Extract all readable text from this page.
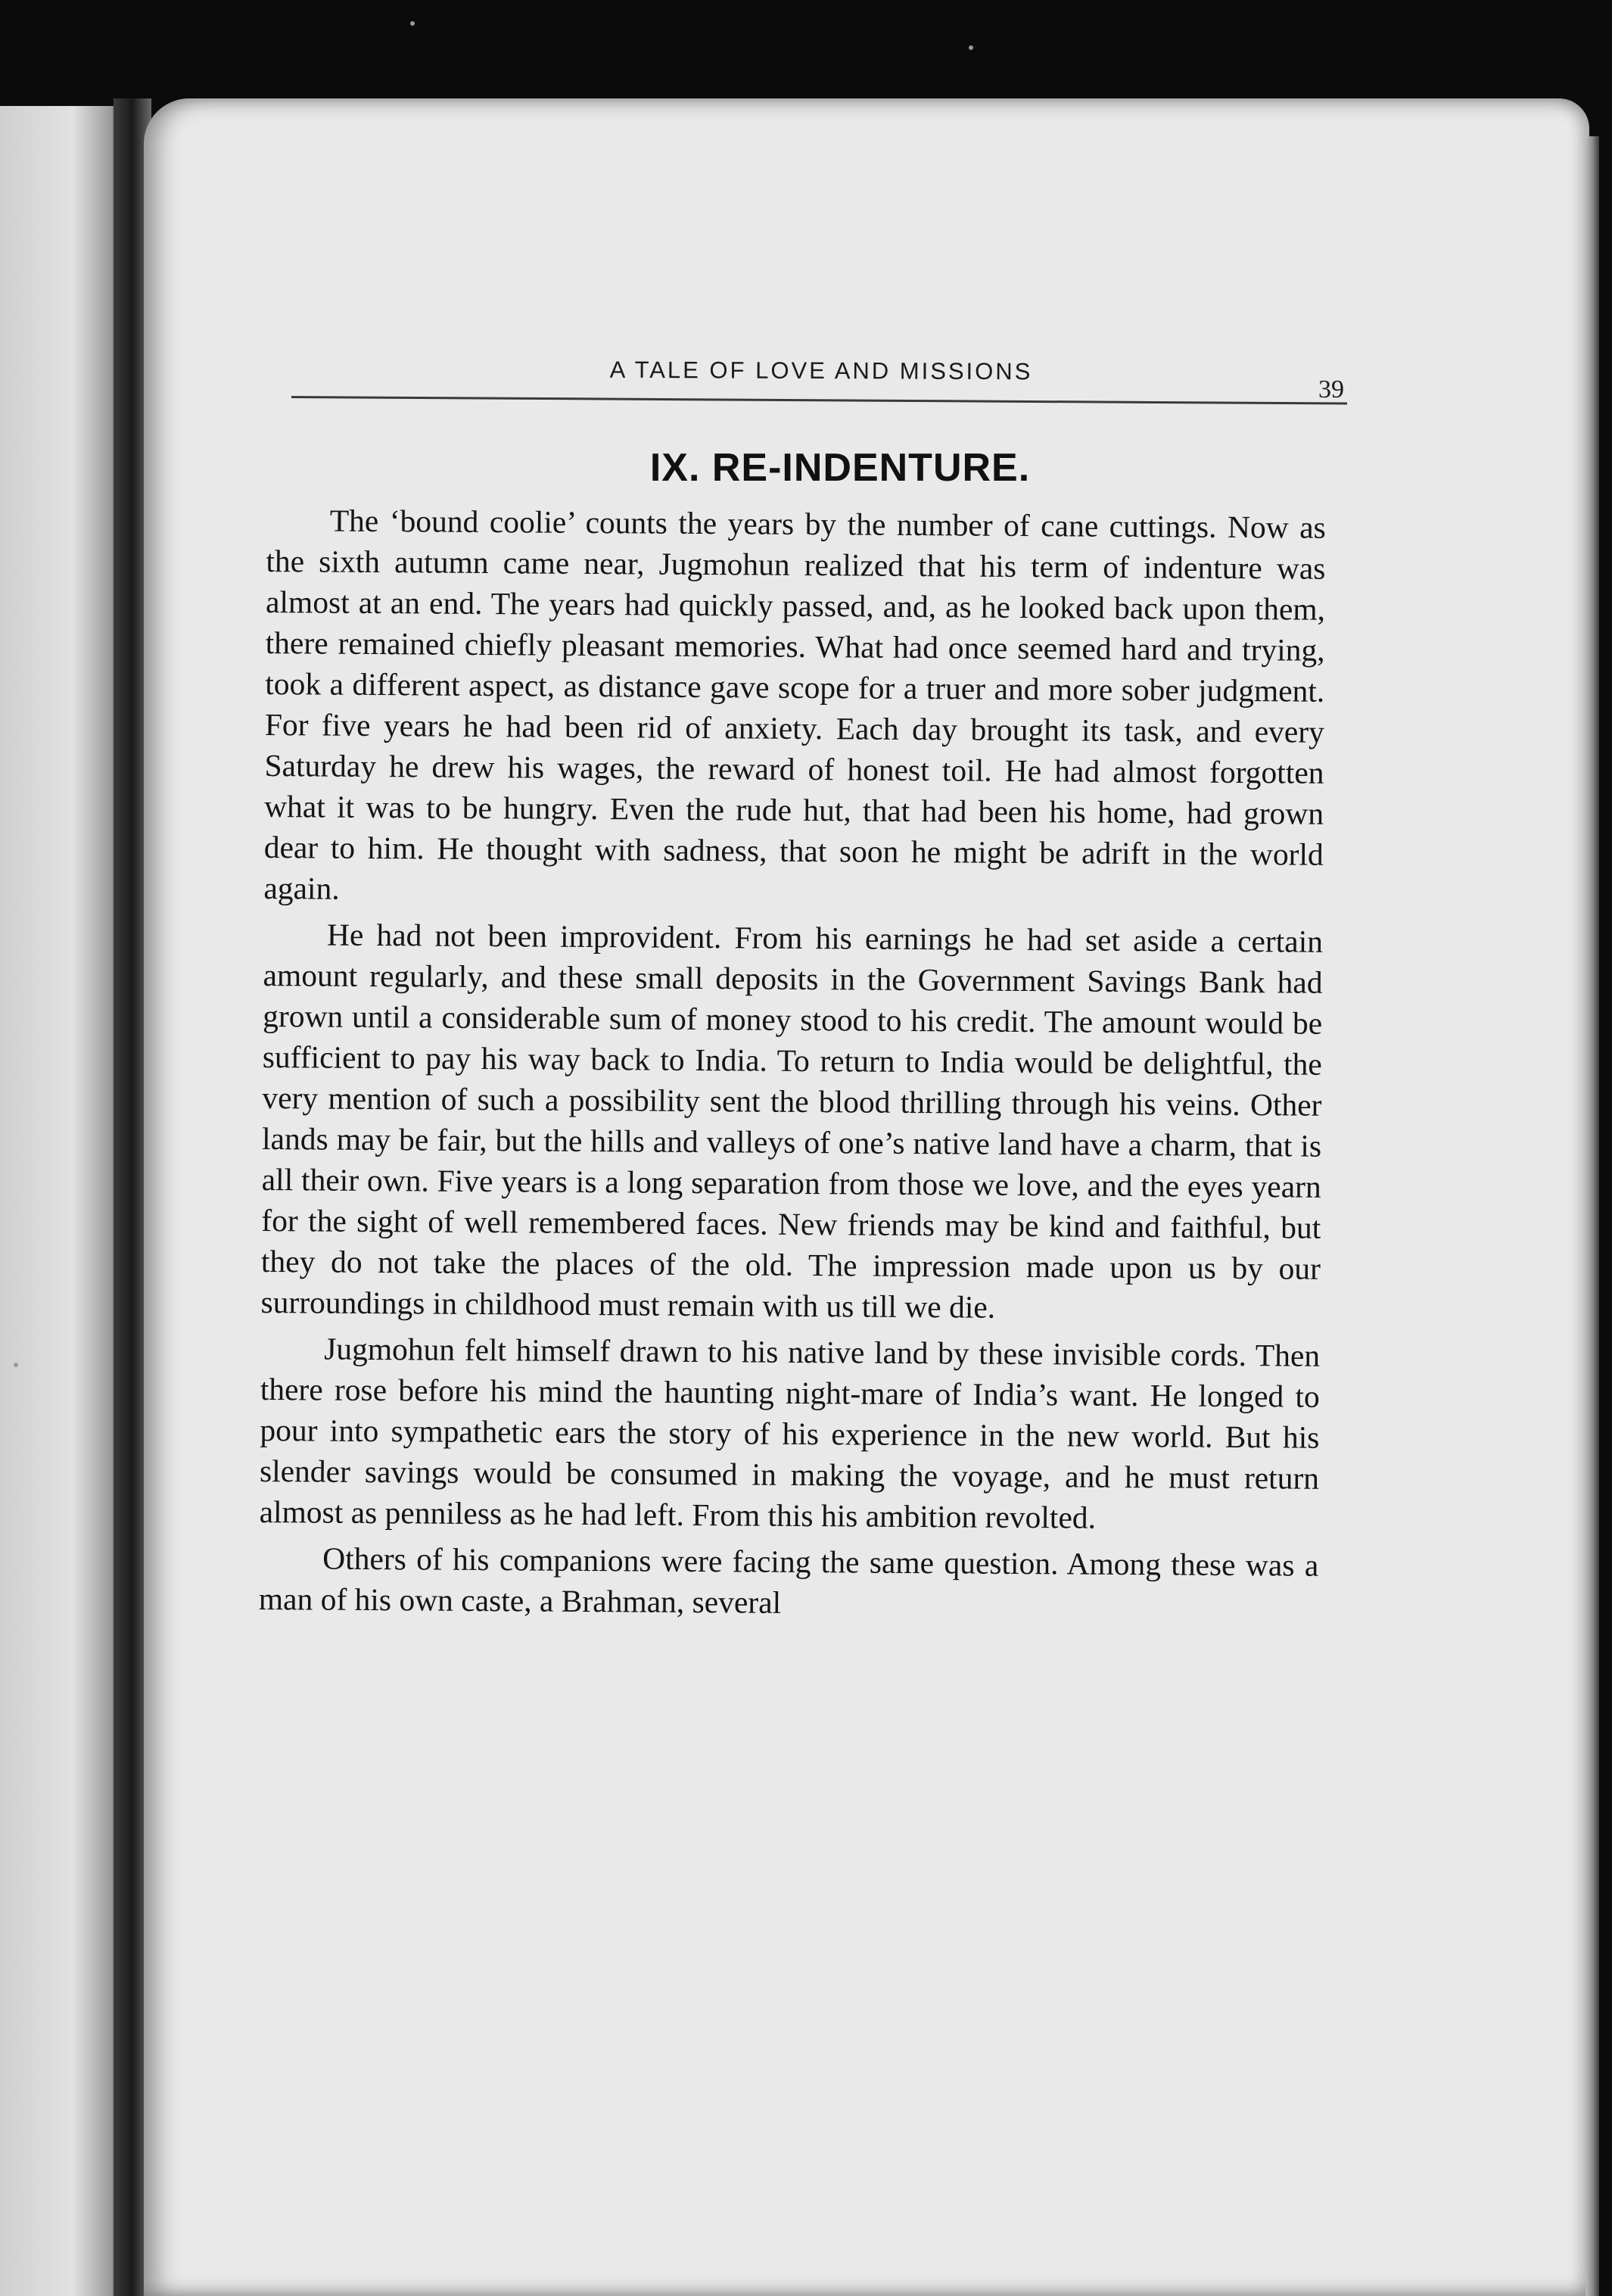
A TALE OF LOVE AND MISSIONS
39
IX. RE-INDENTURE.

The ‘bound coolie’ counts the years by the number of cane cuttings. Now as the sixth autumn came near, Jugmohun realized that his term of indenture was almost at an end. The years had quickly passed, and, as he looked back upon them, there remained chiefly pleasant memories. What had once seemed hard and trying, took a different aspect, as distance gave scope for a truer and more sober judgment. For five years he had been rid of anxiety. Each day brought its task, and every Saturday he drew his wages, the reward of honest toil. He had almost forgotten what it was to be hungry. Even the rude hut, that had been his home, had grown dear to him. He thought with sadness, that soon he might be adrift in the world again.

He had not been improvident. From his earnings he had set aside a certain amount regularly, and these small deposits in the Government Savings Bank had grown until a considerable sum of money stood to his credit. The amount would be sufficient to pay his way back to India. To return to India would be delightful, the very mention of such a possibility sent the blood thrilling through his veins. Other lands may be fair, but the hills and valleys of one’s native land have a charm, that is all their own. Five years is a long separation from those we love, and the eyes yearn for the sight of well remembered faces. New friends may be kind and faithful, but they do not take the places of the old. The impression made upon us by our surroundings in childhood must remain with us till we die.

Jugmohun felt himself drawn to his native land by these invisible cords. Then there rose before his mind the haunting night-mare of India’s want. He longed to pour into sympathetic ears the story of his experience in the new world. But his slender savings would be consumed in making the voyage, and he must return almost as penniless as he had left. From this his ambition revolted.

Others of his companions were facing the same question. Among these was a man of his own caste, a Brahman, several
